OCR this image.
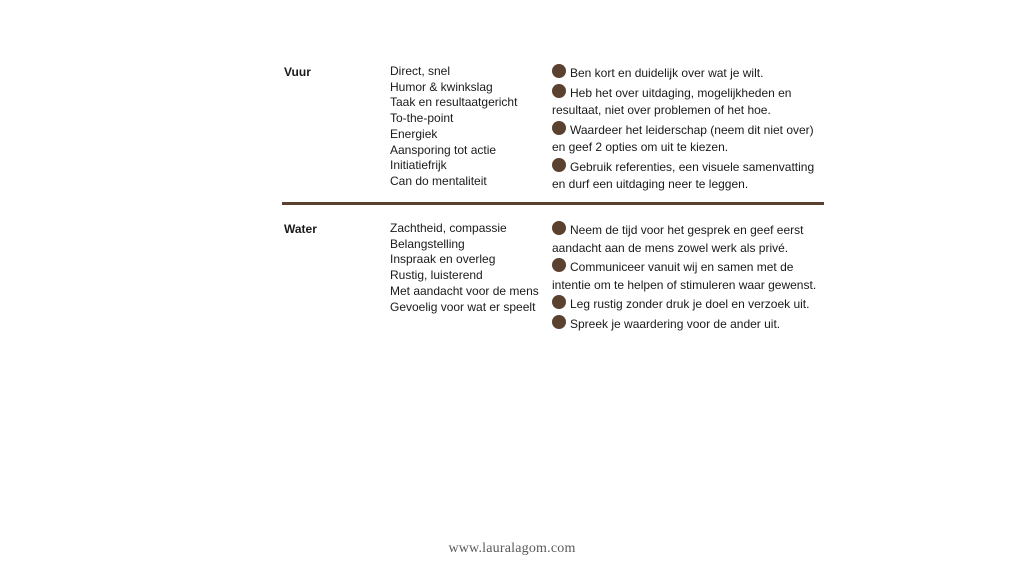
Vuur	Direct, snel
Humor & kwinkslag
Taak en resultaatgericht
To-the-point
Energiek
Aansporing tot actie
Initiatiefrijk
Can do mentaliteit
Ben kort en duidelijk over wat je wilt.
Heb het over uitdaging, mogelijkheden en resultaat, niet over problemen of het hoe.
Waardeer het leiderschap (neem dit niet over) en geef 2 opties om uit te kiezen.
Gebruik referenties, een visuele samenvatting en durf een uitdaging neer te leggen.
Water	Zachtheid, compassie
Belangstelling
Inspraak en overleg
Rustig, luisterend
Met aandacht voor de mens
Gevoelig voor wat er speelt
Neem de tijd voor het gesprek en geef eerst aandacht aan de mens zowel werk als privé.
Communiceer vanuit wij en samen met de intentie om te helpen of stimuleren waar gewenst.
Leg rustig zonder druk je doel en verzoek uit.
Spreek je waardering voor de ander uit.
www.lauralagom.com
